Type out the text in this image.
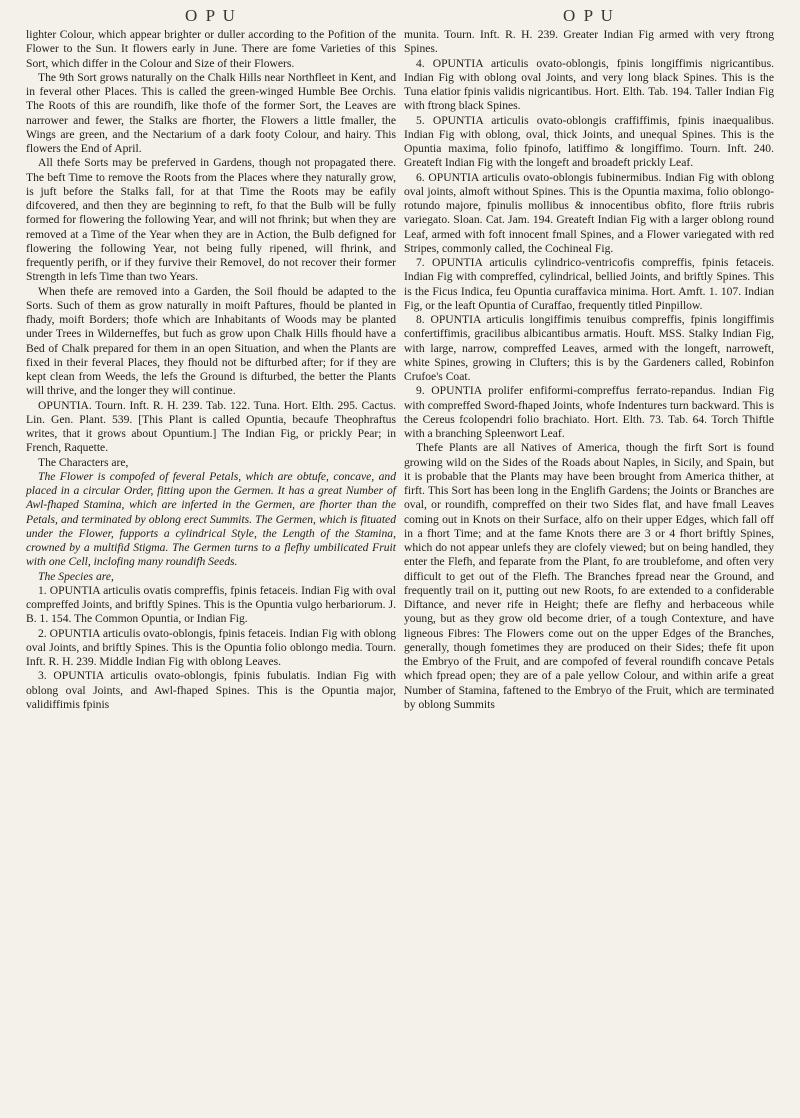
O P U	O P U

lighter Colour, which appear brighter or duller according to the Pofition of the Flower to the Sun. It flowers early in June. There are fome Varieties of this Sort, which differ in the Colour and Size of their Flowers.

The 9th Sort grows naturally on the Chalk Hills near Northfleet in Kent, and in feveral other Places. This is called the green-winged Humble Bee Orchis. The Roots of this are roundifh, like thofe of the former Sort, the Leaves are narrower and fewer, the Stalks are fhorter, the Flowers a little fmaller, the Wings are green, and the Nectarium of a dark footy Colour, and hairy. This flowers the End of April.

All thefe Sorts may be preferved in Gardens, though not propagated there. The beft Time to remove the Roots from the Places where they naturally grow, is juft before the Stalks fall, for at that Time the Roots may be eafily difcovered, and then they are beginning to reft, fo that the Bulb will be fully formed for flowering the following Year, and will not fhrink; but when they are removed at a Time of the Year when they are in Action, the Bulb defigned for flowering the following Year, not being fully ripened, will fhrink, and frequently perifh, or if they furvive their Removel, do not recover their former Strength in lefs Time than two Years.

When thefe are removed into a Garden, the Soil fhould be adapted to the Sorts. Such of them as grow naturally in moift Paftures, fhould be planted in fhady, moift Borders; thofe which are Inhabitants of Woods may be planted under Trees in Wilderneffes, but fuch as grow upon Chalk Hills fhould have a Bed of Chalk prepared for them in an open Situation, and when the Plants are fixed in their feveral Places, they fhould not be difturbed after; for if they are kept clean from Weeds, the lefs the Ground is difturbed, the better the Plants will thrive, and the longer they will continue.

OPUNTIA. Tourn. Inft. R. H. 239. Tab. 122. Tuna. Hort. Elth. 295. Cactus. Lin. Gen. Plant. 539. [This Plant is called Opuntia, becaufe Theophraftus writes, that it grows about Opuntium.] The Indian Fig, or prickly Pear; in French, Raquette.

The Characters are,

The Flower is compofed of feveral Petals, which are obtufe, concave, and placed in a circular Order, fitting upon the Germen. It has a great Number of Awl-fhaped Stamina, which are inferted in the Germen, are fhorter than the Petals, and terminated by oblong erect Summits. The Germen, which is fituated under the Flower, fupports a cylindrical Style, the Length of the Stamina, crowned by a multifid Stigma. The Germen turns to a flefhy umbilicated Fruit with one Cell, inclofing many roundifh Seeds.

The Species are,

1. OPUNTIA articulis ovatis compreffis, fpinis fetaceis. Indian Fig with oval compreffed Joints, and briftly Spines. This is the Opuntia vulgo herbariorum. J. B. 1. 154. The Common Opuntia, or Indian Fig.

2. OPUNTIA articulis ovato-oblongis, fpinis fetaceis. Indian Fig with oblong oval Joints, and briftly Spines. This is the Opuntia folio oblongo media. Tourn. Inft. R. H. 239. Middle Indian Fig with oblong Leaves.

3. OPUNTIA articulis ovato-oblongis, fpinis fubulatis. Indian Fig with oblong oval Joints, and Awl-fhaped Spines. This is the Opuntia major, validiffimis fpinis

munita. Tourn. Inft. R. H. 239. Greater Indian Fig armed with very ftrong Spines.

4. OPUNTIA articulis ovato-oblongis, fpinis longiffimis nigricantibus. Indian Fig with oblong oval Joints, and very long black Spines. This is the Tuna elatior fpinis validis nigricantibus. Hort. Elth. Tab. 194. Taller Indian Fig with ftrong black Spines.

5. OPUNTIA articulis ovato-oblongis craffiffimis, fpinis inaequalibus. Indian Fig with oblong, oval, thick Joints, and unequal Spines. This is the Opuntia maxima, folio fpinofo, latiffimo & longiffimo. Tourn. Inft. 240. Greateft Indian Fig with the longeft and broadeft prickly Leaf.

6. OPUNTIA articulis ovato-oblongis fubinermibus. Indian Fig with oblong oval joints, almoft without Spines. This is the Opuntia maxima, folio oblongo-rotundo majore, fpinulis mollibus & innocentibus obfito, flore ftriis rubris variegato. Sloan. Cat. Jam. 194. Greateft Indian Fig with a larger oblong round Leaf, armed with foft innocent fmall Spines, and a Flower variegated with red Stripes, commonly called, the Cochineal Fig.

7. OPUNTIA articulis cylindrico-ventricofis compreffis, fpinis fetaceis. Indian Fig with compreffed, cylindrical, bellied Joints, and briftly Spines. This is the Ficus Indica, feu Opuntia curaffavica minima. Hort. Amft. 1. 107. Indian Fig, or the leaft Opuntia of Curaffao, frequently titled Pinpillow.

8. OPUNTIA articulis longiffimis tenuibus compreffis, fpinis longiffimis confertiffimis, gracilibus albicantibus armatis. Houft. MSS. Stalky Indian Fig, with large, narrow, compreffed Leaves, armed with the longeft, narroweft, white Spines, growing in Clufters; this is by the Gardeners called, Robinfon Crufoe's Coat.

9. OPUNTIA prolifer enfiformi-compreffus ferrato-repandus. Indian Fig with compreffed Sword-fhaped Joints, whofe Indentures turn backward. This is the Cereus fcolopendri folio brachiato. Hort. Elth. 73. Tab. 64. Torch Thiftle with a branching Spleenwort Leaf.

Thefe Plants are all Natives of America, though the firft Sort is found growing wild on the Sides of the Roads about Naples, in Sicily, and Spain, but it is probable that the Plants may have been brought from America thither, at firft. This Sort has been long in the Englifh Gardens; the Joints or Branches are oval, or roundifh, compreffed on their two Sides flat, and have fmall Leaves coming out in Knots on their Surface, alfo on their upper Edges, which fall off in a fhort Time; and at the fame Knots there are 3 or 4 fhort briftly Spines, which do not appear unlefs they are clofely viewed; but on being handled, they enter the Flefh, and feparate from the Plant, fo are troublefome, and often very difficult to get out of the Flefh. The Branches fpread near the Ground, and frequently trail on it, putting out new Roots, fo are extended to a confiderable Diftance, and never rife in Height; thefe are flefhy and herbaceous while young, but as they grow old become drier, of a tough Contexture, and have ligneous Fibres: The Flowers come out on the upper Edges of the Branches, generally, though fometimes they are produced on their Sides; thefe fit upon the Embryo of the Fruit, and are compofed of feveral roundifh concave Petals which fpread open; they are of a pale yellow Colour, and within arife a great Number of Stamina, faftened to the Embryo of the Fruit, which are terminated by oblong Summits
